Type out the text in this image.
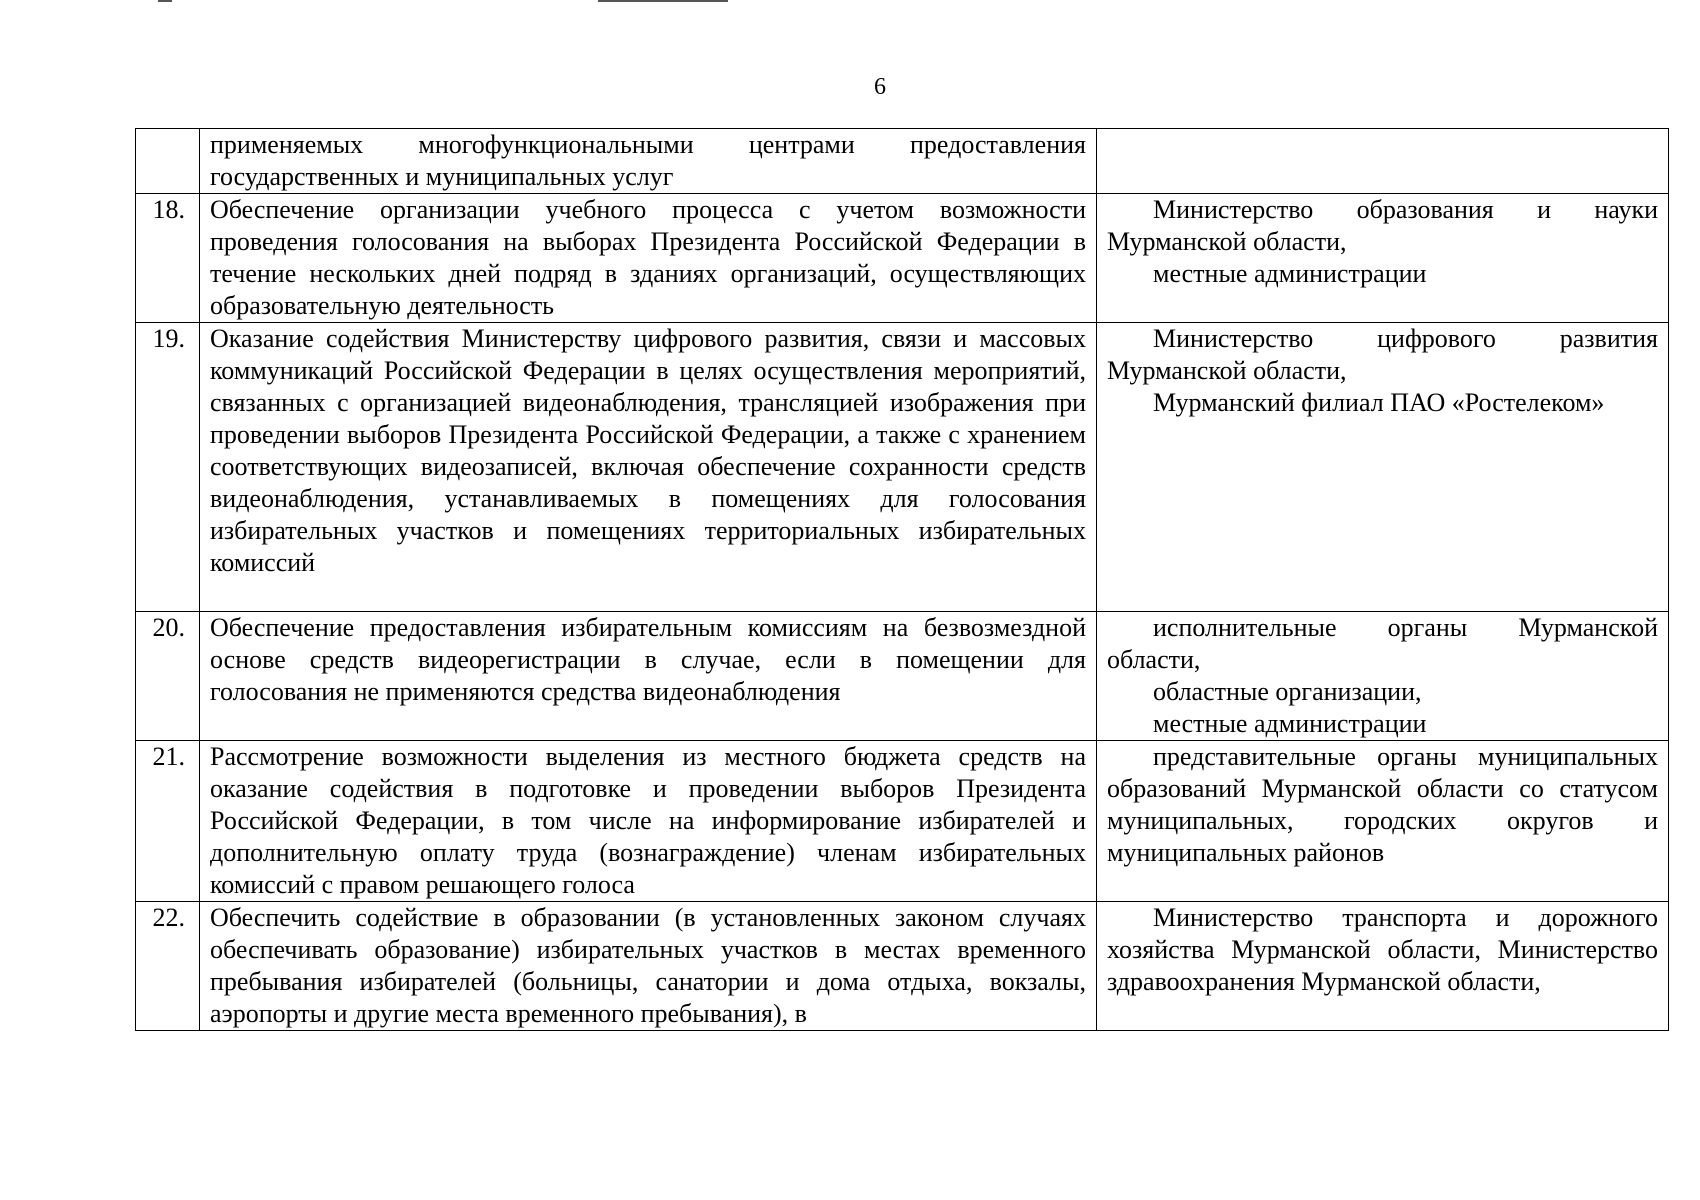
6

	применяемых многофункциональными центрами предоставления государственных и муниципальных услуг	

18.	Обеспечение организации учебного процесса с учетом возможности проведения голосования на выборах Президента Российской Федерации в течение нескольких дней подряд в зданиях организаций, осуществляющих образовательную деятельность	Министерство образования и науки Мурманской области,
местные администрации

19.	Оказание содействия Министерству цифрового развития, связи и массовых коммуникаций Российской Федерации в целях осуществления мероприятий, связанных с организацией видеонаблюдения, трансляцией изображения при проведении выборов Президента Российской Федерации, а также с хранением соответствующих видеозаписей, включая обеспечение сохранности средств видеонаблюдения, устанавливаемых в помещениях для голосования избирательных участков и помещениях территориальных избирательных комиссий	Министерство цифрового развития Мурманской области,
Мурманский филиал ПАО «Ростелеком»

20.	Обеспечение предоставления избирательным комиссиям на безвозмездной основе средств видеорегистрации в случае, если в помещении для голосования не применяются средства видеонаблюдения	исполнительные органы Мурманской области,
областные организации,
местные администрации

21.	Рассмотрение возможности выделения из местного бюджета средств на оказание содействия в подготовке и проведении выборов Президента Российской Федерации, в том числе на информирование избирателей и дополнительную оплату труда (вознаграждение) членам избирательных комиссий с правом решающего голоса	представительные органы муниципальных образований Мурманской области со статусом муниципальных, городских округов и муниципальных районов

22.	Обеспечить содействие в образовании (в установленных законом случаях обеспечивать образование) избирательных участков в местах временного пребывания избирателей (больницы, санатории и дома отдыха, вокзалы, аэропорты и другие места временного пребывания), в	Министерство транспорта и дорожного хозяйства Мурманской области, Министерство здравоохранения Мурманской области,
